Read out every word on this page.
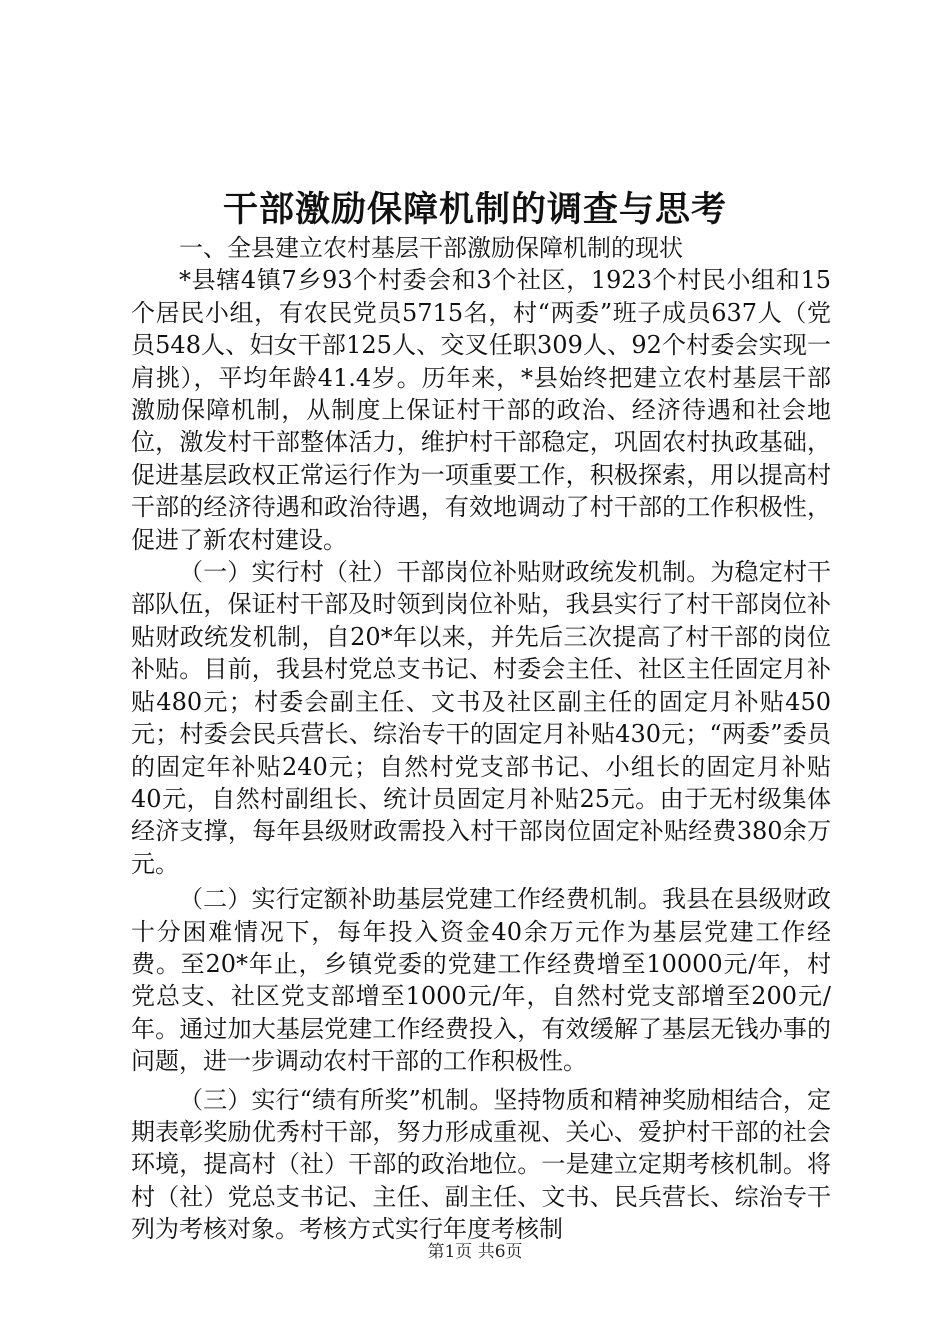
干部激励保障机制的调查与思考

一、全县建立农村基层干部激励保障机制的现状

*县辖4镇7乡93个村委会和3个社区，1923个村民小组和15个居民小组，有农民党员5715名，村“两委”班子成员637人（党员548人、妇女干部125人、交叉任职309人、92个村委会实现一肩挑），平均年龄41.4岁。历年来，*县始终把建立农村基层干部激励保障机制，从制度上保证村干部的政治、经济待遇和社会地位，激发村干部整体活力，维护村干部稳定，巩固农村执政基础，促进基层政权正常运行作为一项重要工作，积极探索，用以提高村干部的经济待遇和政治待遇，有效地调动了村干部的工作积极性，促进了新农村建设。

（一）实行村（社）干部岗位补贴财政统发机制。为稳定村干部队伍，保证村干部及时领到岗位补贴，我县实行了村干部岗位补贴财政统发机制，自20*年以来，并先后三次提高了村干部的岗位补贴。目前，我县村党总支书记、村委会主任、社区主任固定月补贴480元；村委会副主任、文书及社区副主任的固定月补贴450元；村委会民兵营长、综治专干的固定月补贴430元；“两委”委员的固定年补贴240元；自然村党支部书记、小组长的固定月补贴40元，自然村副组长、统计员固定月补贴25元。由于无村级集体经济支撑，每年县级财政需投入村干部岗位固定补贴经费380余万元。

（二）实行定额补助基层党建工作经费机制。我县在县级财政十分困难情况下，每年投入资金40余万元作为基层党建工作经费。至20*年止，乡镇党委的党建工作经费增至10000元/年，村党总支、社区党支部增至1000元/年，自然村党支部增至200元/年。通过加大基层党建工作经费投入，有效缓解了基层无钱办事的问题，进一步调动农村干部的工作积极性。

（三）实行“绩有所奖”机制。坚持物质和精神奖励相结合，定期表彰奖励优秀村干部，努力形成重视、关心、爱护村干部的社会环境，提高村（社）干部的政治地位。一是建立定期考核机制。将村（社）党总支书记、主任、副主任、文书、民兵营长、综治专干列为考核对象。考核方式实行年度考核制

第1页 共6页
